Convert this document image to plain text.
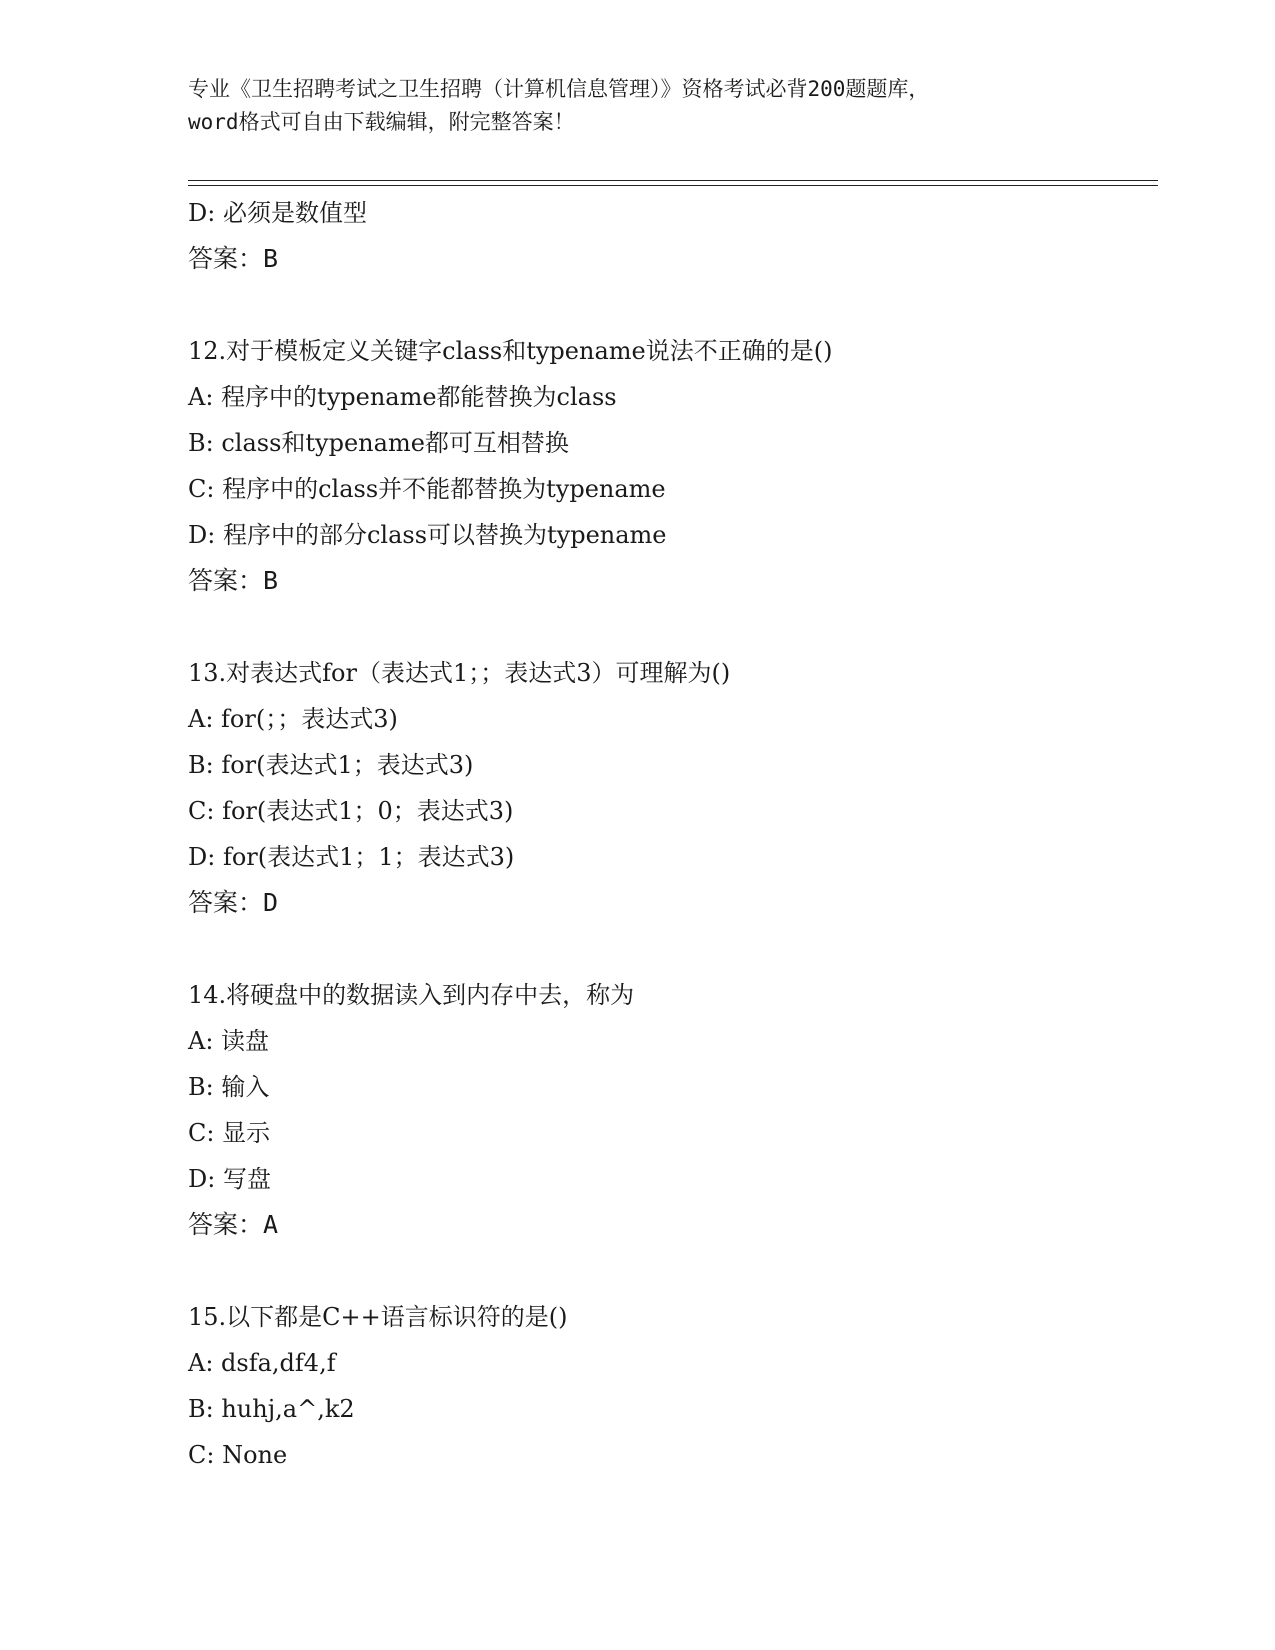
专业《卫生招聘考试之卫生招聘（计算机信息管理）》资格考试必背200题题库，
word格式可自由下载编辑，附完整答案！
D: 必须是数值型
答案：B
12.对于模板定义关键字class和typename说法不正确的是()
A: 程序中的typename都能替换为class
B: class和typename都可互相替换
C: 程序中的class并不能都替换为typename
D: 程序中的部分class可以替换为typename
答案：B
13.对表达式for（表达式1；；表达式3）可理解为()
A: for(；；表达式3)
B: for(表达式1；表达式3)
C: for(表达式1；0；表达式3)
D: for(表达式1；1；表达式3)
答案：D
14.将硬盘中的数据读入到内存中去，称为
A: 读盘
B: 输入
C: 显示
D: 写盘
答案：A
15.以下都是C++语言标识符的是()
A: dsfa,df4,f
B: huhj,a^,k2
C: None
